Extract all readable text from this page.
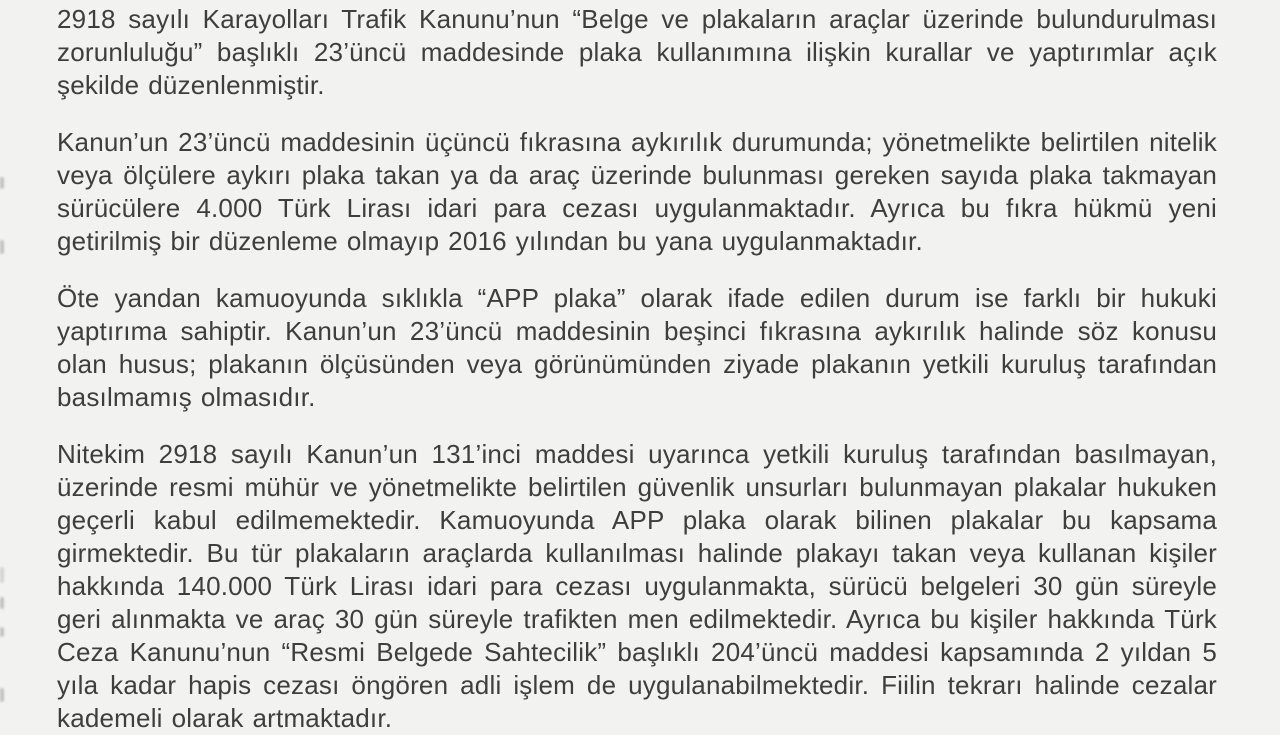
2918 sayılı Karayolları Trafik Kanunu’nun “Belge ve plakaların araçlar üzerinde bulundurulması zorunluluğu” başlıklı 23’üncü maddesinde plaka kullanımına ilişkin kurallar ve yaptırımlar açık şekilde düzenlenmiştir.

Kanun’un 23’üncü maddesinin üçüncü fıkrasına aykırılık durumunda; yönetmelikte belirtilen nitelik veya ölçülere aykırı plaka takan ya da araç üzerinde bulunması gereken sayıda plaka takmayan sürücülere 4.000 Türk Lirası idari para cezası uygulanmaktadır. Ayrıca bu fıkra hükmü yeni getirilmiş bir düzenleme olmayıp 2016 yılından bu yana uygulanmaktadır.

Öte yandan kamuoyunda sıklıkla “APP plaka” olarak ifade edilen durum ise farklı bir hukuki yaptırıma sahiptir. Kanun’un 23’üncü maddesinin beşinci fıkrasına aykırılık halinde söz konusu olan husus; plakanın ölçüsünden veya görünümünden ziyade plakanın yetkili kuruluş tarafından basılmamış olmasıdır.

Nitekim 2918 sayılı Kanun’un 131’inci maddesi uyarınca yetkili kuruluş tarafından basılmayan, üzerinde resmi mühür ve yönetmelikte belirtilen güvenlik unsurları bulunmayan plakalar hukuken geçerli kabul edilmemektedir. Kamuoyunda APP plaka olarak bilinen plakalar bu kapsama girmektedir. Bu tür plakaların araçlarda kullanılması halinde plakayı takan veya kullanan kişiler hakkında 140.000 Türk Lirası idari para cezası uygulanmakta, sürücü belgeleri 30 gün süreyle geri alınmakta ve araç 30 gün süreyle trafikten men edilmektedir. Ayrıca bu kişiler hakkında Türk Ceza Kanunu’nun “Resmi Belgede Sahtecilik” başlıklı 204’üncü maddesi kapsamında 2 yıldan 5 yıla kadar hapis cezası öngören adli işlem de uygulanabilmektedir. Fiilin tekrarı halinde cezalar kademeli olarak artmaktadır.
